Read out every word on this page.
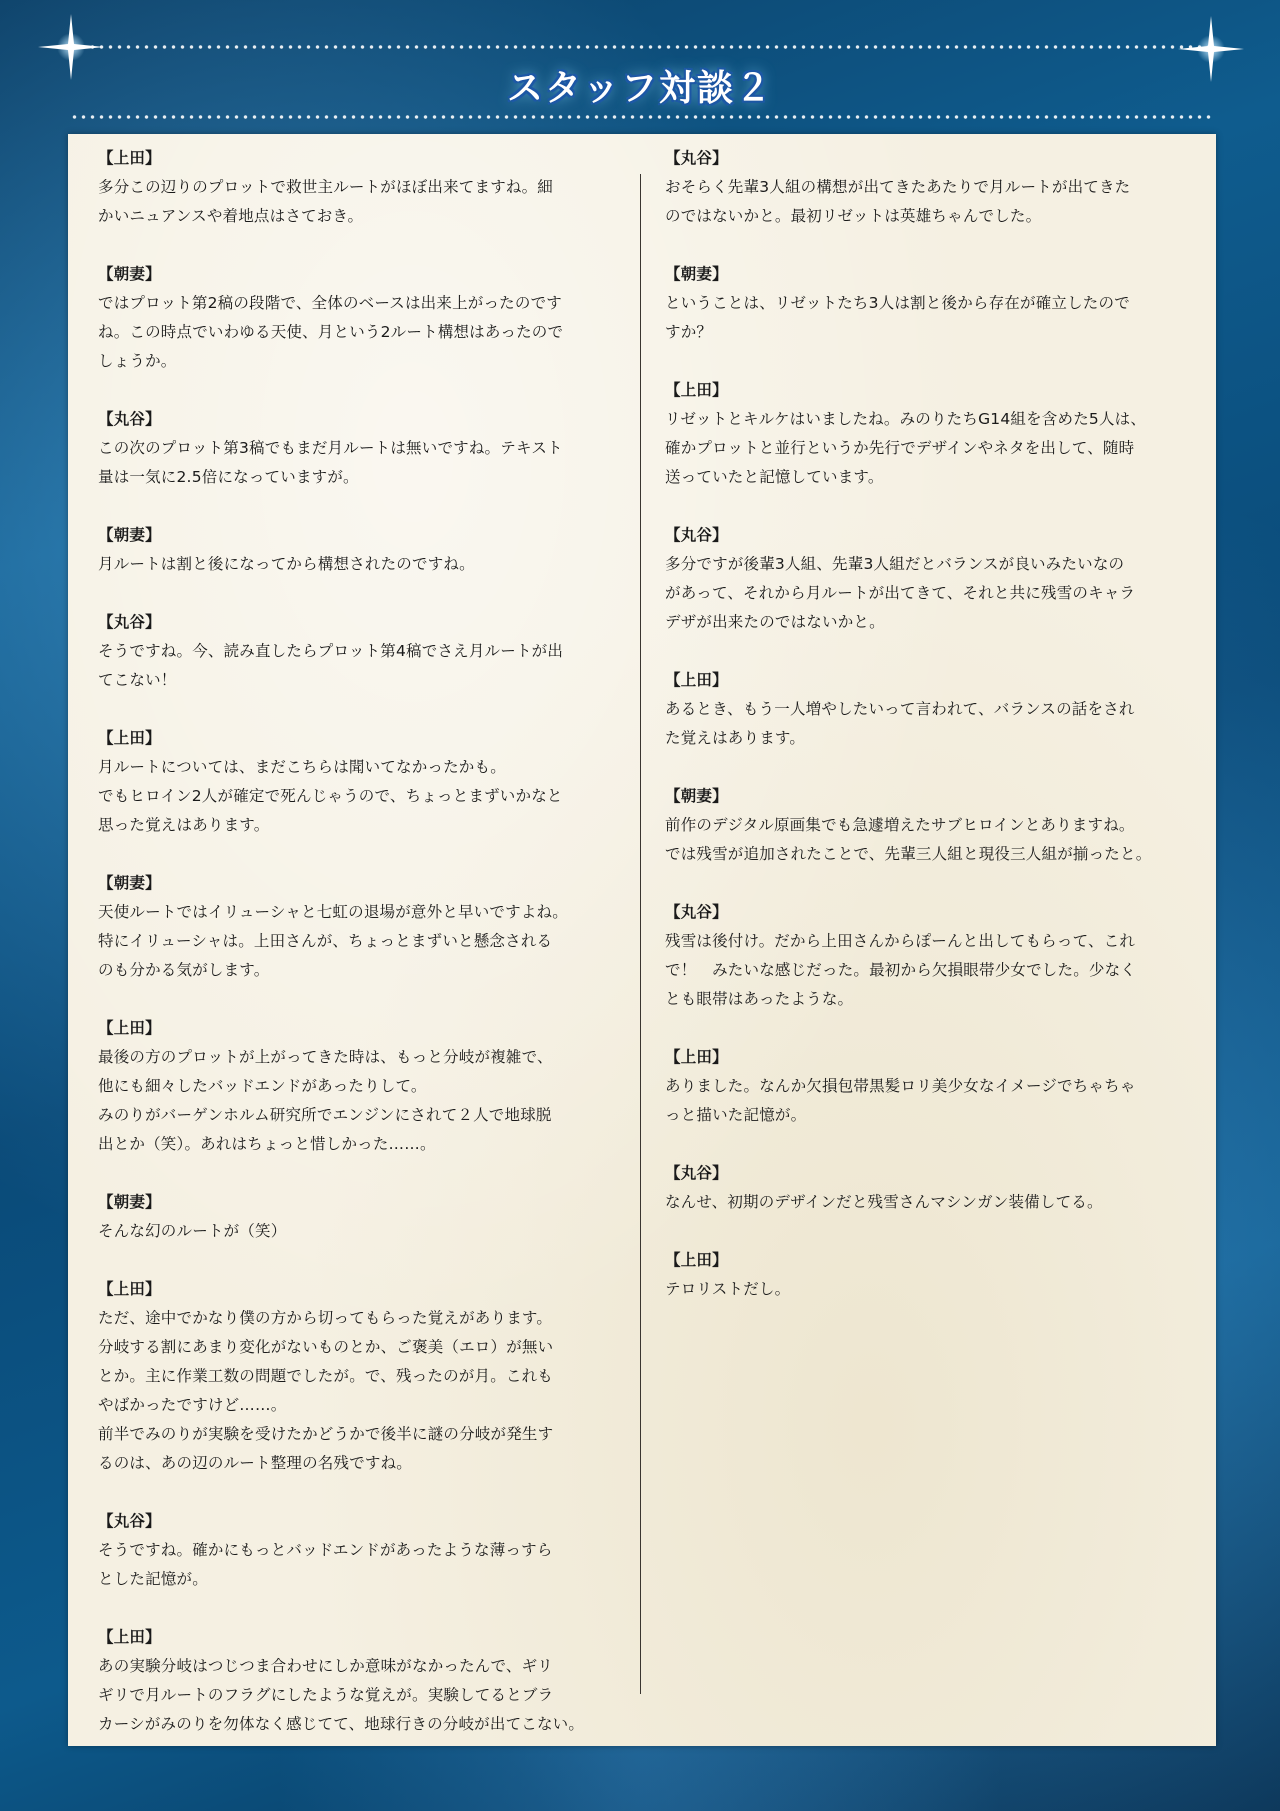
スタッフ対談２
【上田】
多分この辺りのプロットで救世主ルートがほぼ出来てますね。細
かいニュアンスや着地点はさておき。
【朝妻】
ではプロット第2稿の段階で、全体のベースは出来上がったのです
ね。この時点でいわゆる天使、月という2ルート構想はあったので
しょうか。
【丸谷】
この次のプロット第3稿でもまだ月ルートは無いですね。テキスト
量は一気に2.5倍になっていますが。
【朝妻】
月ルートは割と後になってから構想されたのですね。
【丸谷】
そうですね。今、読み直したらプロット第4稿でさえ月ルートが出
てこない！
【上田】
月ルートについては、まだこちらは聞いてなかったかも。
でもヒロイン2人が確定で死んじゃうので、ちょっとまずいかなと
思った覚えはあります。
【朝妻】
天使ルートではイリューシャと七虹の退場が意外と早いですよね。
特にイリューシャは。上田さんが、ちょっとまずいと懸念される
のも分かる気がします。
【上田】
最後の方のプロットが上がってきた時は、もっと分岐が複雑で、
他にも細々したバッドエンドがあったりして。
みのりがバーゲンホルム研究所でエンジンにされて２人で地球脱
出とか（笑）。あれはちょっと惜しかった……。
【朝妻】
そんな幻のルートが（笑）
【上田】
ただ、途中でかなり僕の方から切ってもらった覚えがあります。
分岐する割にあまり変化がないものとか、ご褒美（エロ）が無い
とか。主に作業工数の問題でしたが。で、残ったのが月。これも
やばかったですけど……。
前半でみのりが実験を受けたかどうかで後半に謎の分岐が発生す
るのは、あの辺のルート整理の名残ですね。
【丸谷】
そうですね。確かにもっとバッドエンドがあったような薄っすら
とした記憶が。
【上田】
あの実験分岐はつじつま合わせにしか意味がなかったんで、ギリ
ギリで月ルートのフラグにしたような覚えが。実験してるとブラ
カーシがみのりを勿体なく感じてて、地球行きの分岐が出てこない。
【丸谷】
おそらく先輩3人組の構想が出てきたあたりで月ルートが出てきた
のではないかと。最初リゼットは英雄ちゃんでした。
【朝妻】
ということは、リゼットたち3人は割と後から存在が確立したので
すか？
【上田】
リゼットとキルケはいましたね。みのりたちG14組を含めた5人は、
確かプロットと並行というか先行でデザインやネタを出して、随時
送っていたと記憶しています。
【丸谷】
多分ですが後輩3人組、先輩3人組だとバランスが良いみたいなの
があって、それから月ルートが出てきて、それと共に残雪のキャラ
デザが出来たのではないかと。
【上田】
あるとき、もう一人増やしたいって言われて、バランスの話をされ
た覚えはあります。
【朝妻】
前作のデジタル原画集でも急遽増えたサブヒロインとありますね。
では残雪が追加されたことで、先輩三人組と現役三人組が揃ったと。
【丸谷】
残雪は後付け。だから上田さんからぽーんと出してもらって、これ
で！　みたいな感じだった。最初から欠損眼帯少女でした。少なく
とも眼帯はあったような。
【上田】
ありました。なんか欠損包帯黒髪ロリ美少女なイメージでちゃちゃ
っと描いた記憶が。
【丸谷】
なんせ、初期のデザインだと残雪さんマシンガン装備してる。
【上田】
テロリストだし。
